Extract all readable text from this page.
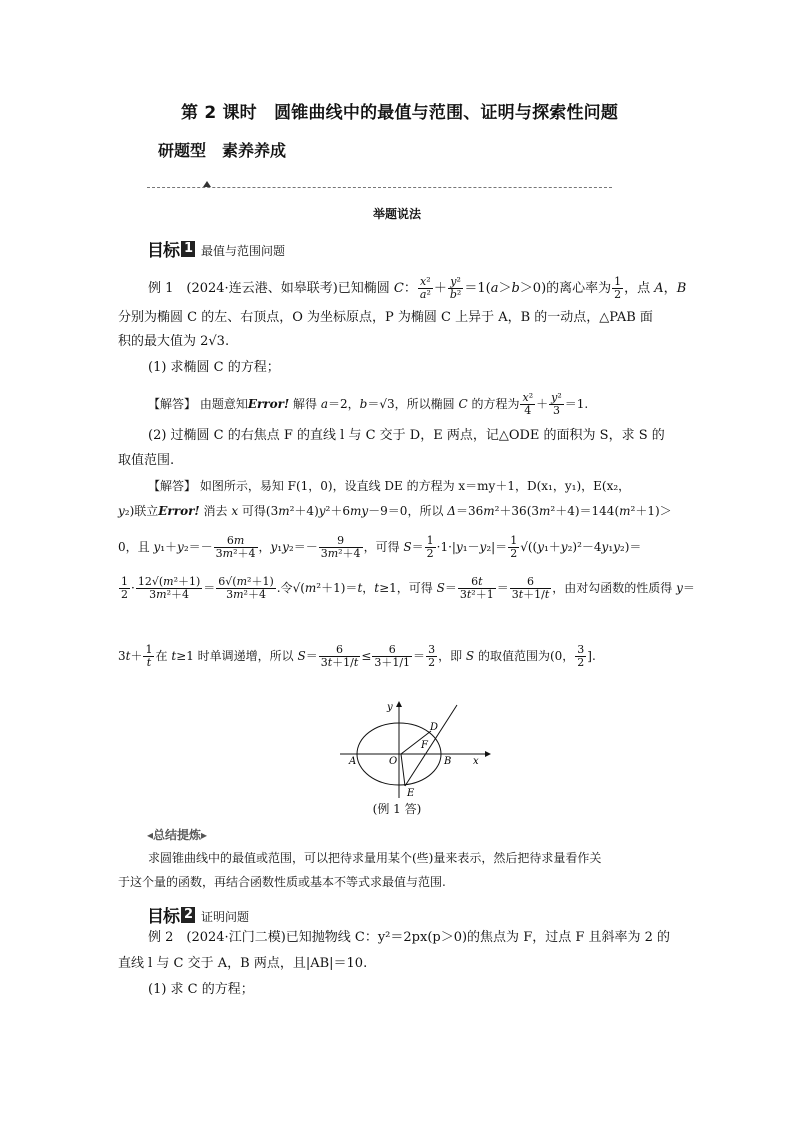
第 2 课时　圆锥曲线中的最值与范围、证明与探索性问题
研题型　素养养成
举题说法
目标 1 最值与范围问题
例 1　(2024·连云港、如皋联考)已知椭圆 C： $\frac{\text{x²}}{\text{a²}} + \frac{\text{y²}}{\text{b²}} =1(a>b>0)$的离心率为 $\frac{1}{2}$ ，点 A，B
分别为椭圆 C 的左、右顶点，O 为坐标原点，P 为椭圆 C 上异于 A，B 的一动点，△PAB 面
积的最大值为 2√3.
(1) 求椭圆 C 的方程；
【解答】 由题意知Error! 解得 a＝2，b＝√3，所以椭圆 C 的方程为 $\frac{\text{x²}}{4} + \frac{\text{y²}}{3} =1$.
(2) 过椭圆 C 的右焦点 F 的直线 l 与 C 交于 D，E 两点，记△ODE 的面积为 S，求 S 的
取值范围.
【解答】 如图所示，易知 F(1，0)，设直线 DE 的方程为 x＝my＋1，D(x₁，y₁)，E(x₂，
y₂)联立Error! 消去 x 可得(3m²＋4)y²＋6my－9＝0，所以 Δ＝36m²＋36(3m²＋4)＝144(m²＋1)＞
0，且 $y_1+y_2=- \frac{6m}{\text{3m²＋4}}$ ，$y_1y_2=- \frac{9}{\text{3m²＋4}}$ ，可得 $S= \frac{1}{2} \cdot 1\cdot|y_1-y_2|= \frac{1}{2} √((y_1+y_2)^2-4y_1y_2)=$
$\frac{1}{2} \cdot \frac{\text{12√(m²＋1)}}{\text{3m²＋4}} = \frac{\text{6√(m²＋1)}}{\text{3m²＋4}}$ .令√(m²＋1)＝t，t≥1，可得 $S= \frac{6t}{\text{3t²＋1}} = \frac{6}{3t+1/t}$ ，由对勾函数的性质得 y＝
$3t+ \frac{1}{t}$ 在 t≥1 时单调递增，所以 $S= \frac{6}{3t+1/t} \le \frac{6}{3+1/1} = \frac{3}{2}$ ，即 S 的取值范围为(0， $\frac{3}{2}$ ].
y
x
A	O	B
D
F
E
(例 1 答)
◂总结提炼▸
求圆锥曲线中的最值或范围，可以把待求量用某个(些)量来表示，然后把待求量看作关
于这个量的函数，再结合函数性质或基本不等式求最值与范围.
目标 2 证明问题
例 2　(2024·江门二模)已知抛物线 C：y²＝2px(p＞0)的焦点为 F，过点 F 且斜率为 2 的
直线 l 与 C 交于 A，B 两点，且|AB|＝10.
(1) 求 C 的方程；
